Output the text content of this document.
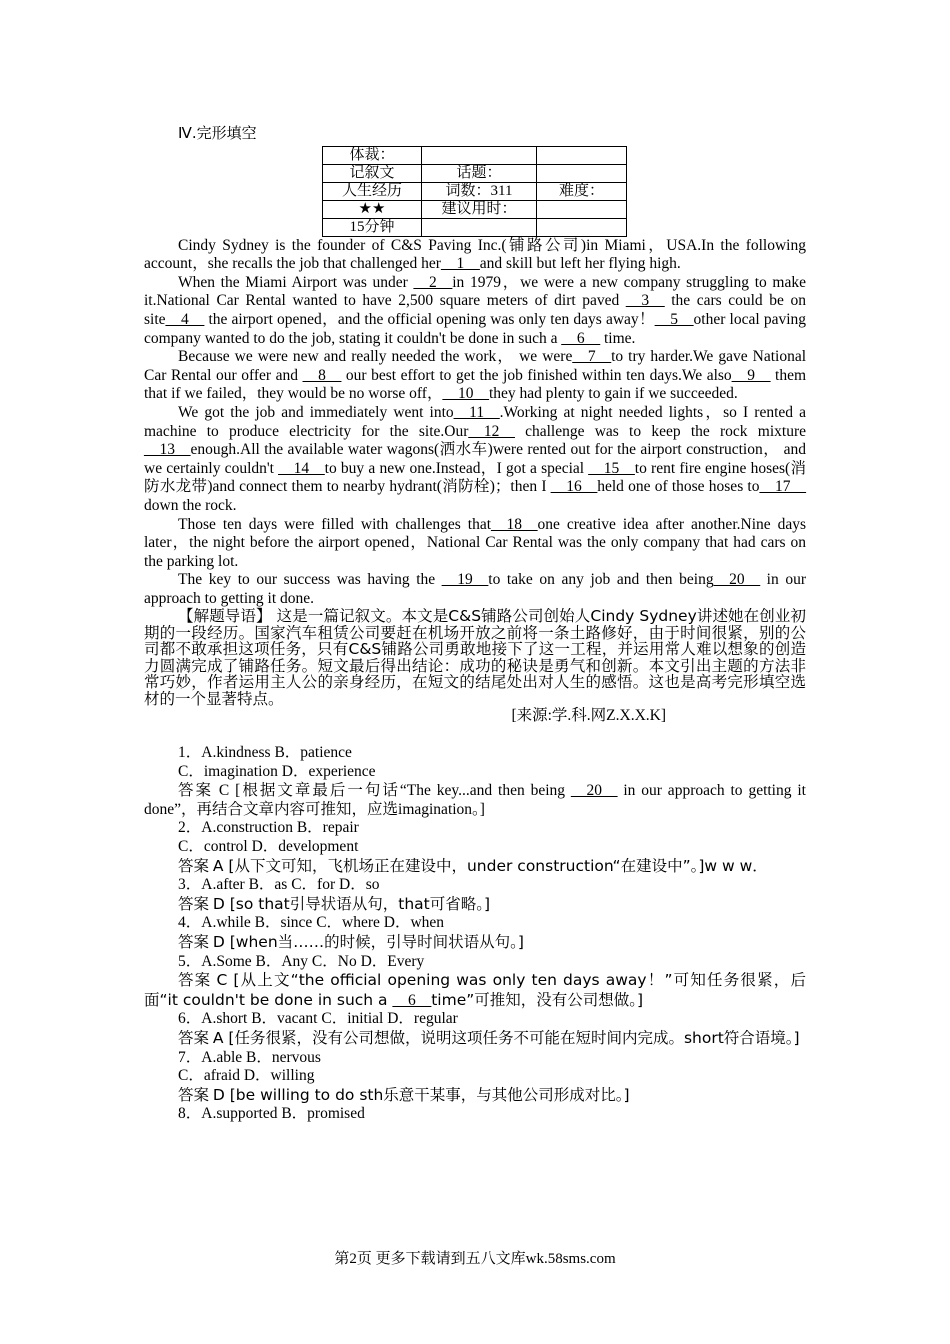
Ⅳ.完形填空
体裁：		
记叙文	话题：	
人生经历	词数：311	难度：
★★	建议用时：	
15分钟		

Cindy Sydney is the founder of C&S Paving Inc.(铺路公司)in Miami，USA.In the following account，she recalls the job that challenged her__1__and skill but left her flying high.

When the Miami Airport was under __2__in 1979，we were a new company struggling to make it.National Car Rental wanted to have 2,500 square meters of dirt paved __3__ the cars could be on site__4__ the airport opened，and the official opening was only ten days away！__5__other local paving company wanted to do the job, stating it couldn't be done in such a __6__ time.

Because we were new and really needed the work， we were__7__to try harder.We gave National Car Rental our offer and __8__ our best effort to get the job finished within ten days.We also__9__ them that if we failed，they would be no worse off，__10__they had plenty to gain if we succeeded.

We got the job and immediately went into__11__.Working at night needed lights，so I rented a machine to produce electricity for the site.Our__12__ challenge was to keep the rock mixture __13__enough.All the available water wagons(洒水车)were rented out for the airport construction， and we certainly couldn't __14__to buy a new one.Instead，I got a special __15__to rent fire engine hoses(消防水龙带)and connect them to nearby hydrant(消防栓)；then I __16__held one of those hoses to__17__ down the rock.

Those ten days were filled with challenges that__18__one creative idea after another.Nine days later，the night before the airport opened，National Car Rental was the only company that had cars on the parking lot.

The key to our success was having the __19__to take on any job and then being__20__ in our approach to getting it done.

【解题导语】 这是一篇记叙文。本文是C&S铺路公司创始人Cindy Sydney讲述她在创业初期的一段经历。国家汽车租赁公司要赶在机场开放之前将一条土路修好，由于时间很紧，别的公司都不敢承担这项任务，只有C&S铺路公司勇敢地接下了这一工程，并运用常人难以想象的创造力圆满完成了铺路任务。短文最后得出结论：成功的秘诀是勇气和创新。本文引出主题的方法非常巧妙，作者运用主人公的亲身经历，在短文的结尾处出对人生的感悟。这也是高考完形填空选材的一个显著特点。

[来源:学.科.网Z.X.X.K]

1．A.kindness B．patience

C．imagination D．experience

答案 C [根据文章最后一句话“The key...and then being __20__ in our approach to getting it done”，再结合文章内容可推知，应选imagination。]

2．A.construction B．repair

C．control D．development

答案 A [从下文可知，飞机场正在建设中，under construction“在建设中”。]w w w．

3．A.after B．as C．for D．so

答案 D [so that引导状语从句，that可省略。]

4．A.while B．since C．where D．when

答案 D [when当……的时候，引导时间状语从句。]

5．A.Some B．Any C．No D．Every

答案 C [从上文“the official opening was only ten days away！”可知任务很紧，后面“it couldn't be done in such a __6__time”可推知，没有公司想做。]

6．A.short B．vacant C．initial D．regular

答案 A [任务很紧，没有公司想做，说明这项任务不可能在短时间内完成。short符合语境。]

7．A.able B．nervous

C．afraid D．willing

答案 D [be willing to do sth乐意干某事，与其他公司形成对比。]

8．A.supported B．promised

第2页 更多下载请到五八文库wk.58sms.com
